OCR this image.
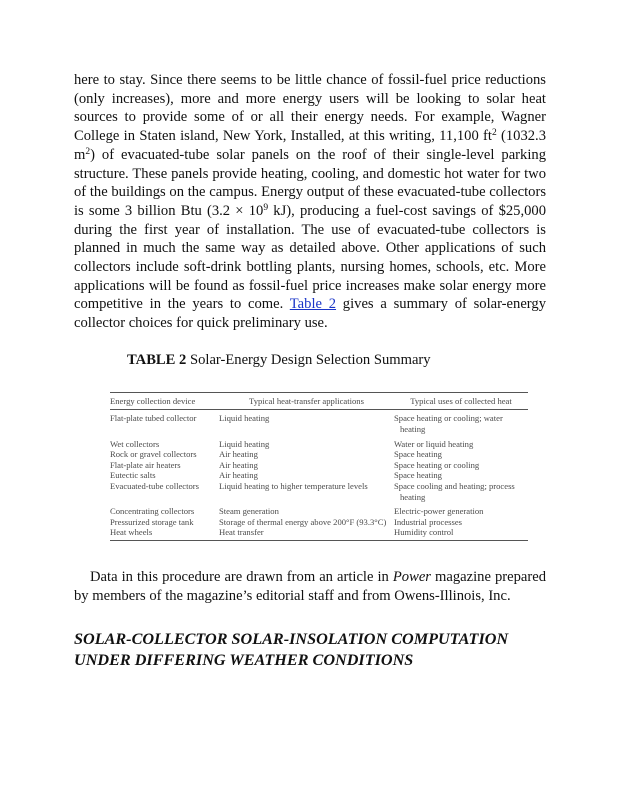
here to stay. Since there seems to be little chance of fossil-fuel price reductions (only increases), more and more energy users will be looking to solar heat sources to provide some of or all their energy needs. For example, Wagner College in Staten island, New York, Installed, at this writing, 11,100 $ft^2$ (1032.3 $m^2$) of evacuated-tube solar panels on the roof of their single-level parking structure. These panels provide heating, cooling, and domestic hot water for two of the buildings on the campus. Energy output of these evacuated-tube collectors is some 3 billion Btu ($3.2 \times 10^9$ kJ), producing a fuel-cost savings of $25,000 during the first year of installation. The use of evacuated-tube collectors is planned in much the same way as detailed above. Other applications of such collectors include soft-drink bottling plants, nursing homes, schools, etc. More applications will be found as fossil-fuel price increases make solar energy more competitive in the years to come. Table 2 gives a summary of solar-energy collector choices for quick preliminary use.

TABLE 2 Solar-Energy Design Selection Summary
Energy collection device	Typical heat-transfer applications	Typical uses of collected heat
Flat-plate tubed collector	Liquid heating	Space heating or cooling; water heating

Wet collectors	Liquid heating	Water or liquid heating
Rock or gravel collectors	Air heating	Space heating
Flat-plate air heaters	Air heating	Space heating or cooling
Eutectic salts	Air heating	Space heating
Evacuated-tube collectors	Liquid heating to higher temperature levels	Space cooling and heating; process heating

Concentrating collectors	Steam generation	Electric-power generation
Pressurized storage tank	Storage of thermal energy above 200°F (93.3°C)	Industrial processes
Heat wheels	Heat transfer	Humidity control

Data in this procedure are drawn from an article in Power magazine prepared by members of the magazine’s editorial staff and from Owens-Illinois, Inc.

SOLAR-COLLECTOR SOLAR-INSOLATION COMPUTATION UNDER DIFFERING WEATHER CONDITIONS
